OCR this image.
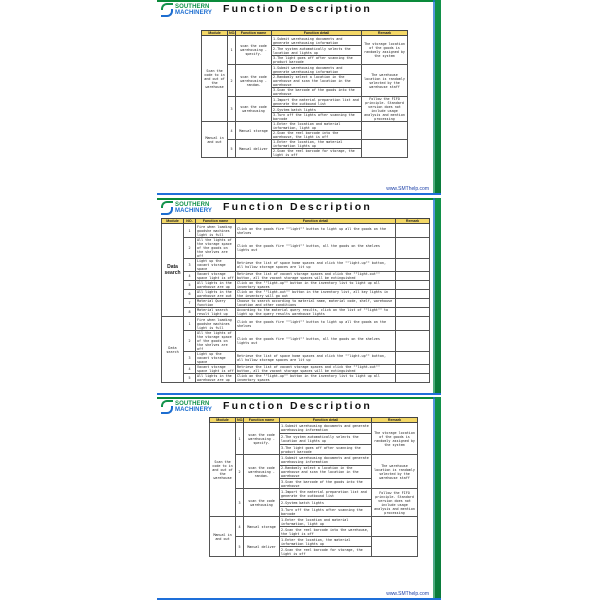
SOUTHERN
MACHINERY Function Description
Module	NO.	Function name	Function detail	Remark
Scan the code to in and out of the warehouse	1	scan the code warehousing -specify-	1.Submit warehousing documents and generate warehousing information	The storage location of the goods is randomly assigned by the system
			2.The system automatically selects the location and lights up	
			3.The light goes off after scanning the product barcode	
	2	scan the code warehousing -random-	1.Submit warehousing documents and generate warehousing information	The warehouse location is randomly selected by the warehouse staff
			2.Randomly select a location in the warehouse and scan the location in the warehouse	
			3.Scan the barcode of the goods into the warehouse	
	3	scan the code warehousing	1.Import the material preparation list and generate the outbound list	Follow the FIFO principle. Standard version does not include usage analysis and mention processing
			2.System batch lights	
			3.Turn off the lights after scanning the barcode	
Manual in and out	4	Manual storage	1.Enter the location and material information, light up	
			2.Scan the reel barcode into the warehouse, the light is off	
	5	Manual deliver	1.Enter the location, the material information lights up	
			2.Scan the reel barcode for storage, the light is off	
www.SMThelp.com
SOUTHERN
MACHINERY Function Description
Module	NO.	Function name	Function detail	Remark
Data search	1	Fire when loading goodshe machines light is full	Click on the goods fire ""light"" button to light up all the goods on the shelves	
	2	All the lights of the storage space of the goods on the shelves are off	Click on the goods fire ""light"" button, all the goods on the shelves lights out	
	3	Light up the vacant storage space	Retrieve the list of space home spaces and click the ""light-up"" button, all hollow storage spaces are lit up	
	4	Vacant storage space light is off	Retrieve the list of vacant storage spaces and click the ""light-out"" button, all the vacant storage spaces will be extinguished	
	5	All lights in the warehouse are up	Click on the ""light-up"" button in the inventory list to light up all inventory spaces	
	6	All lights in the warehouse are out	Click on the ""light-out"" button in the inventory list, all key lights in the inventory will go out	
	7	Material Query function	Choose to search according to material name, material code, shelf, warehouse location and other conditions	
	8	Material search result light up	According to the material query results, click on the list of ""light"" to light up the query results warehouse lights	
Data search	1	Fire when loading goodshe machines light is full	Click on the goods fire ""light"" button to light up all the goods on the shelves	
	2	All the lights of the storage space of the goods on the shelves are off	Click on the goods fire ""light"" button, all the goods on the shelves lights out	
	3	Light up the vacant storage space	Retrieve the list of space home spaces and click the ""light-up"" button, all hollow storage spaces are lit up	
	4	Vacant storage space light is off	Retrieve the list of vacant storage spaces and click the ""light-out"" button, all the vacant storage spaces will be extinguished	
	5	All lights in the warehouse are up	Click on the ""light-up"" button in the inventory list to light up all inventory spaces	
SOUTHERN
MACHINERY Function Description
Module	NO.	Function name	Function detail	Remark
Scan the code to in and out of the warehouse	1	scan the code warehousing -specify-	1.Submit warehousing documents and generate warehousing information	The storage location of the goods is randomly assigned by the system
			2.The system automatically selects the location and lights up	
			3.The light goes off after scanning the product barcode	
	2	scan the code warehousing -random-	1.Submit warehousing documents and generate warehousing information	The warehouse location is randomly selected by the warehouse staff
			2.Randomly select a location in the warehouse and scan the location in the warehouse	
			3.Scan the barcode of the goods into the warehouse	
	3	scan the code warehousing	1.Import the material preparation list and generate the outbound list	Follow the FIFO principle. Standard version does not include usage analysis and mention processing
			2.System batch lights	
			3.Turn off the lights after scanning the barcode	
Manual in and out	4	Manual storage	1.Enter the location and material information, light up	
			2.Scan the reel barcode into the warehouse, the light is off	
	5	Manual deliver	1.Enter the location, the material information lights up	
			2.Scan the reel barcode for storage, the light is off	
www.SMThelp.com
